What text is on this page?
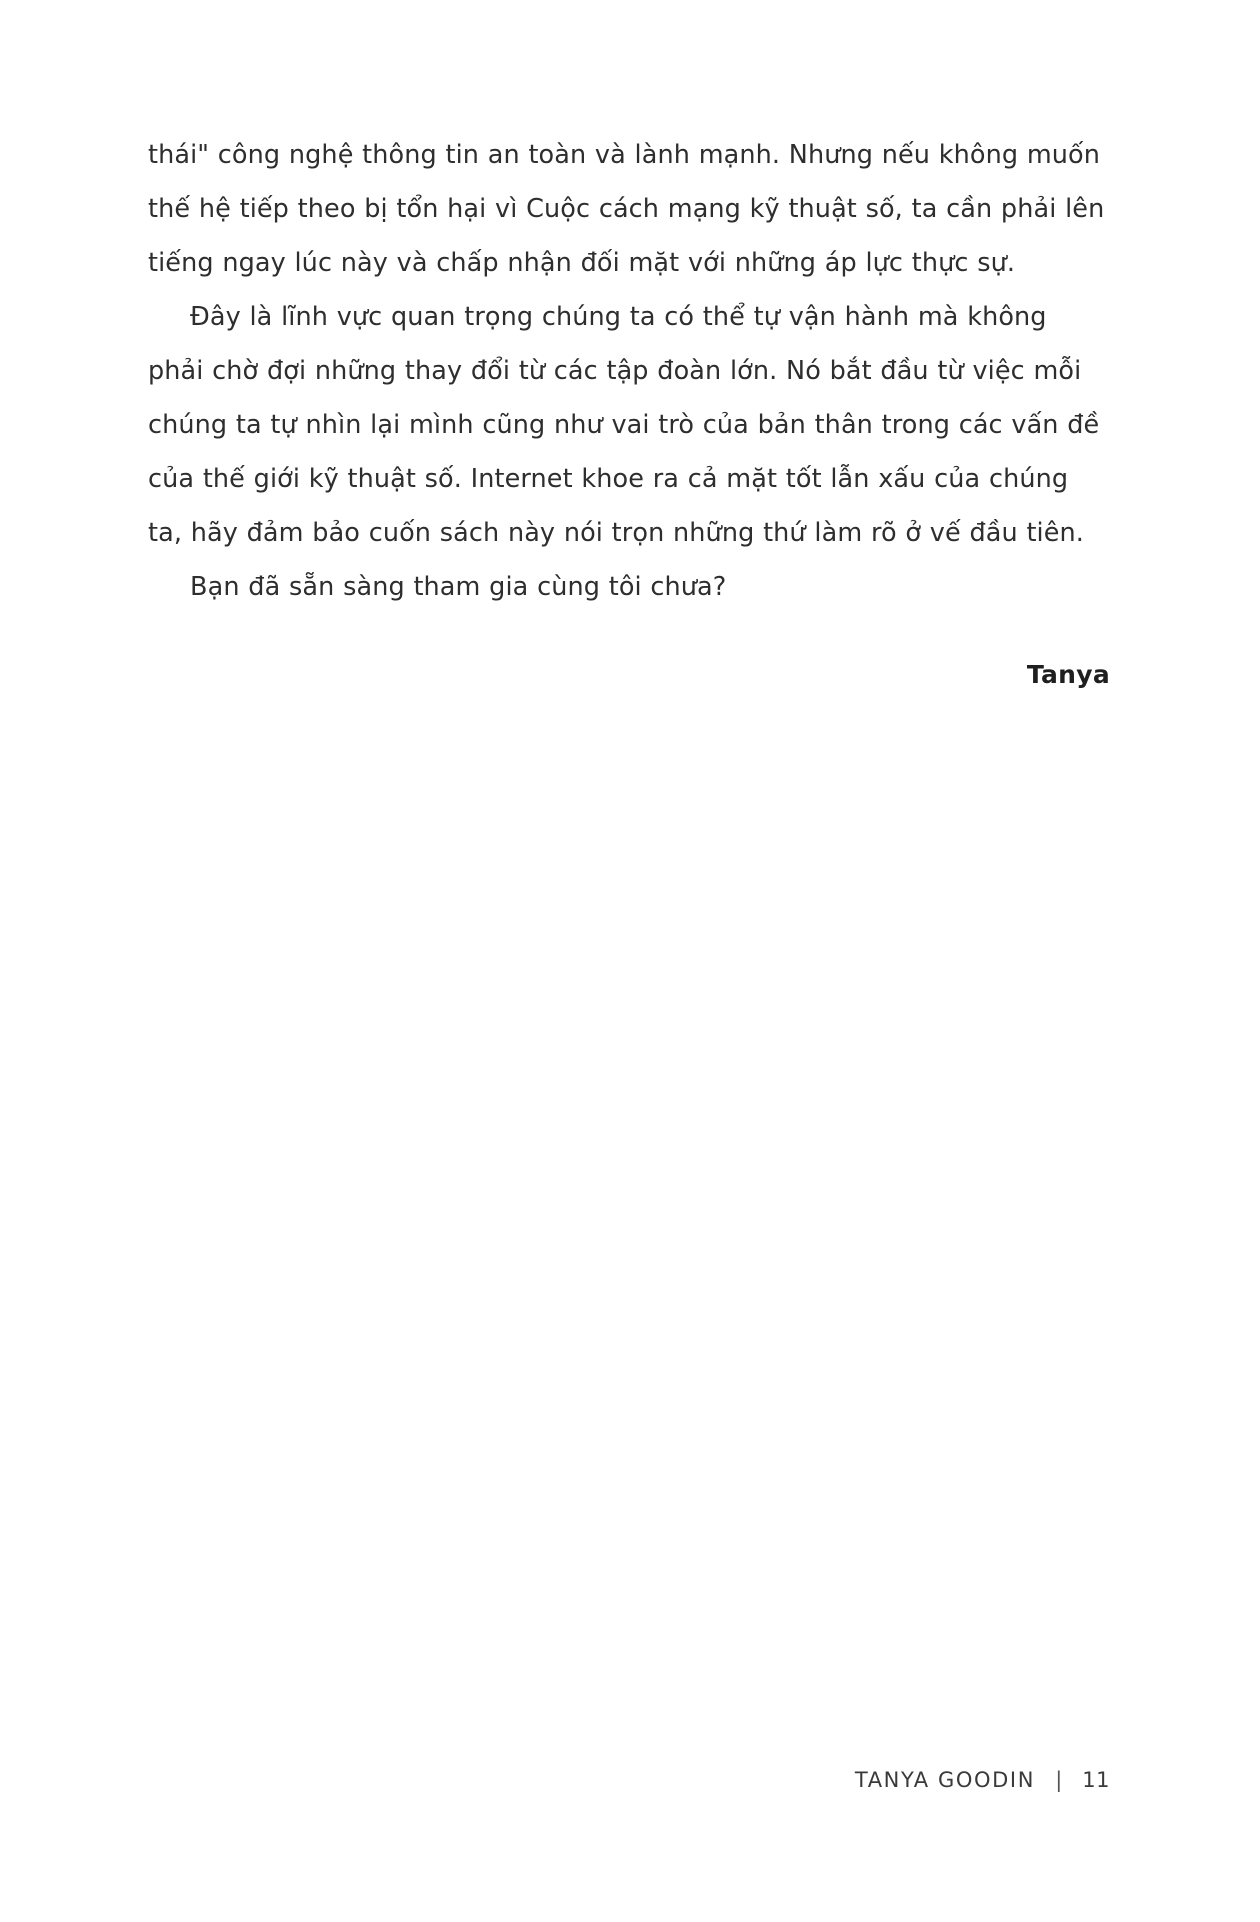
thái" công nghệ thông tin an toàn và lành mạnh. Nhưng nếu không muốn thế hệ tiếp theo bị tổn hại vì Cuộc cách mạng kỹ thuật số, ta cần phải lên tiếng ngay lúc này và chấp nhận đối mặt với những áp lực thực sự.

Đây là lĩnh vực quan trọng chúng ta có thể tự vận hành mà không phải chờ đợi những thay đổi từ các tập đoàn lớn. Nó bắt đầu từ việc mỗi chúng ta tự nhìn lại mình cũng như vai trò của bản thân trong các vấn đề của thế giới kỹ thuật số. Internet khoe ra cả mặt tốt lẫn xấu của chúng ta, hãy đảm bảo cuốn sách này nói trọn những thứ làm rõ ở vế đầu tiên.

Bạn đã sẵn sàng tham gia cùng tôi chưa?

Tanya
TANYA GOODIN | 11
